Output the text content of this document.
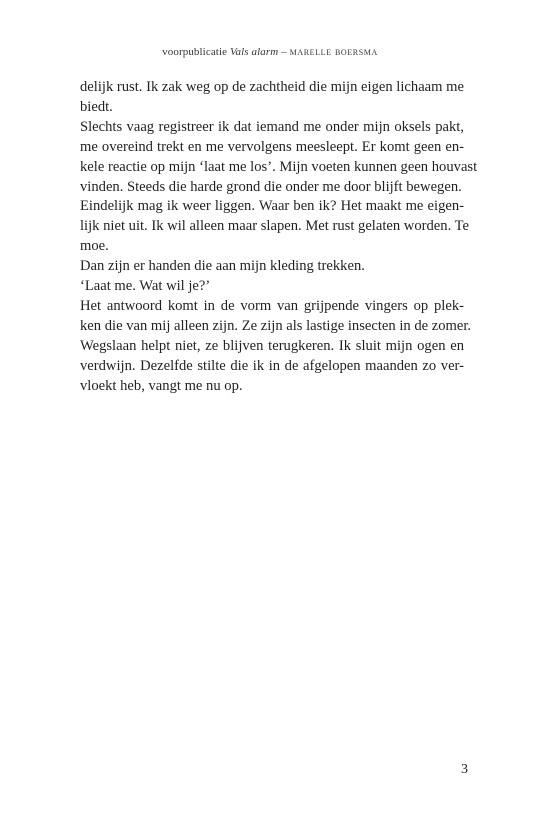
voorpublicatie Vals alarm – marelle boersma
delijk rust. Ik zak weg op de zachtheid die mijn eigen lichaam me
biedt.
Slechts vaag registreer ik dat iemand me onder mijn oksels pakt,
me overeind trekt en me vervolgens meesleept. Er komt geen en-
kele reactie op mijn ‘laat me los’. Mijn voeten kunnen geen houvast
vinden. Steeds die harde grond die onder me door blijft bewegen.
Eindelijk mag ik weer liggen. Waar ben ik? Het maakt me eigen-
lijk niet uit. Ik wil alleen maar slapen. Met rust gelaten worden. Te
moe.
Dan zijn er handen die aan mijn kleding trekken.
‘Laat me. Wat wil je?’
Het antwoord komt in de vorm van grijpende vingers op plek-
ken die van mij alleen zijn. Ze zijn als lastige insecten in de zomer.
Wegslaan helpt niet, ze blijven terugkeren. Ik sluit mijn ogen en
verdwijn. Dezelfde stilte die ik in de afgelopen maanden zo ver-
vloekt heb, vangt me nu op.
3
